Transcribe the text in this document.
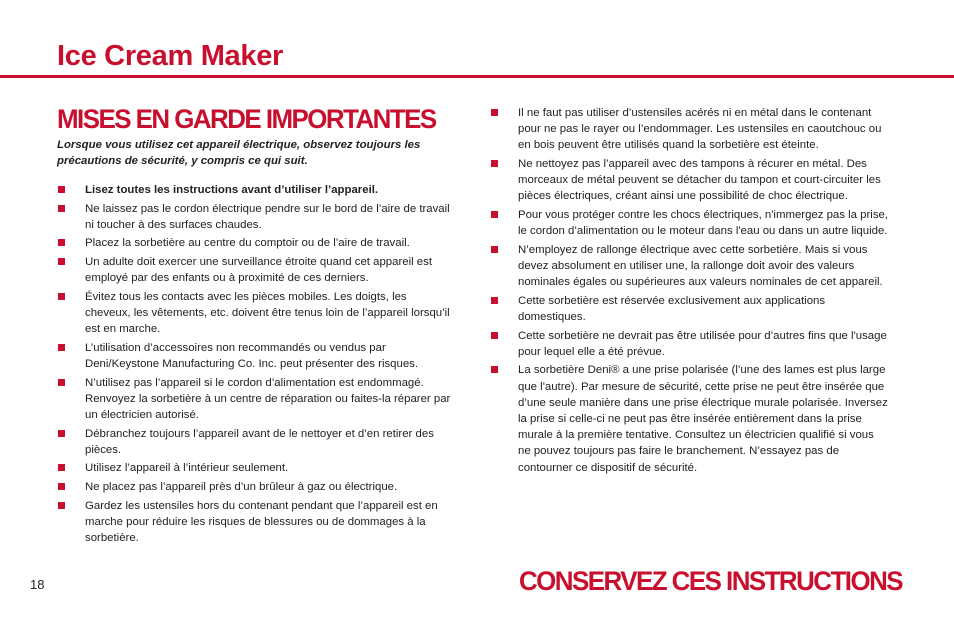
Ice Cream Maker
MISES EN GARDE IMPORTANTES

Lorsque vous utilisez cet appareil électrique, observez toujours les précautions de sécurité, y compris ce qui suit.

Lisez toutes les instructions avant d’utiliser l’appareil.
Ne laissez pas le cordon électrique pendre sur le bord de l’aire de travail ni toucher à des surfaces chaudes.
Placez la sorbetière au centre du comptoir ou de l’aire de travail.
Un adulte doit exercer une surveillance étroite quand cet appareil est employé par des enfants ou à proximité de ces derniers.
Évitez tous les contacts avec les pièces mobiles. Les doigts, les cheveux, les vêtements, etc. doivent être tenus loin de l’appareil lorsqu’il est en marche.
L’utilisation d’accessoires non recommandés ou vendus par Deni/Keystone Manufacturing Co. Inc. peut présenter des risques.
N’utilisez pas l’appareil si le cordon d’alimentation est endommagé. Renvoyez la sorbetière à un centre de réparation ou faites-la réparer par un électricien autorisé.
Débranchez toujours l’appareil avant de le nettoyer et d’en retirer des pièces.
Utilisez l’appareil à l’intérieur seulement.
Ne placez pas l’appareil près d’un brûleur à gaz ou électrique.
Gardez les ustensiles hors du contenant pendant que l’appareil est en marche pour réduire les risques de blessures ou de dommages à la sorbetière.
Il ne faut pas utiliser d’ustensiles acérés ni en métal dans le contenant pour ne pas le rayer ou l’endommager. Les ustensiles en caoutchouc ou en bois peuvent être utilisés quand la sorbetière est éteinte.
Ne nettoyez pas l’appareil avec des tampons à récurer en métal. Des morceaux de métal peuvent se détacher du tampon et court-circuiter les pièces électriques, créant ainsi une possibilité de choc électrique.
Pour vous protéger contre les chocs électriques, n'immergez pas la prise, le cordon d’alimentation ou le moteur dans l'eau ou dans un autre liquide.
N’employez de rallonge électrique avec cette sorbetière. Mais si vous devez absolument en utiliser une, la rallonge doit avoir des valeurs nominales égales ou supérieures aux valeurs nominales de cet appareil.
Cette sorbetière est réservée exclusivement aux applications domestiques.
Cette sorbetière ne devrait pas être utilisée pour d’autres fins que l'usage pour lequel elle a été prévue.
La sorbetière Deni® a une prise polarisée (l’une des lames est plus large que l'autre). Par mesure de sécurité, cette prise ne peut être insérée que d’une seule manière dans une prise électrique murale polarisée. Inversez la prise si celle-ci ne peut pas être insérée entièrement dans la prise murale à la première tentative. Consultez un électricien qualifié si vous ne pouvez toujours pas faire le branchement. N’essayez pas de contourner ce dispositif de sécurité.
18	CONSERVEZ CES INSTRUCTIONS
